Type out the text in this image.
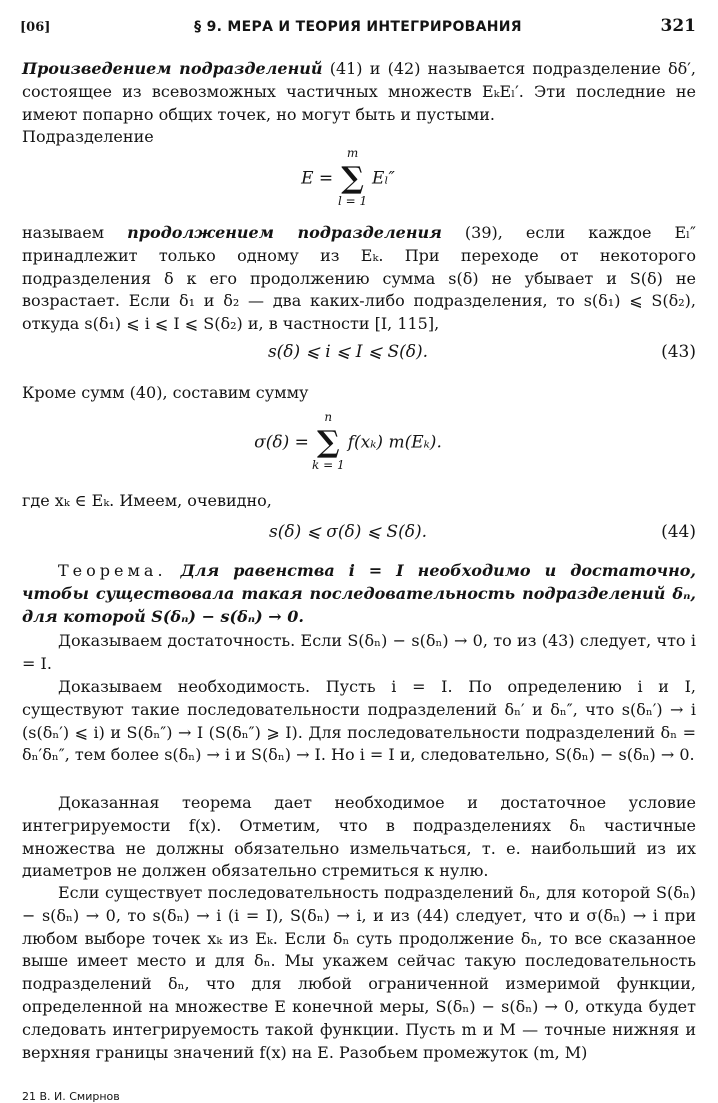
[06]	§ 9. МЕРА И ТЕОРИЯ ИНТЕГРИРОВАНИЯ	321

Произведением подразделений (41) и (42) называется подразделение δδ′, состоящее из всевозможных частичных множеств EₖEₗ′. Эти последние не имеют попарно общих точек, но могут быть и пустыми.

Подразделение

E =
m
∑
l = 1
Eₗ″

называем продолжением подразделения (39), если каждое Eₗ″ принадлежит только одному из Eₖ. При переходе от некоторого подразделения δ к его продолжению сумма s(δ) не убывает и S(δ) не возрастает. Если δ₁ и δ₂ — два каких-либо подразделения, то s(δ₁) ⩽ S(δ₂), откуда s(δ₁) ⩽ i ⩽ I ⩽ S(δ₂) и, в частности [I, 115],

s(δ) ⩽ i ⩽ I ⩽ S(δ).	(43)

Кроме сумм (40), составим сумму

σ(δ) =
n
∑
k = 1
f(xₖ) m(Eₖ).

где xₖ ∈ Eₖ. Имеем, очевидно,

s(δ) ⩽ σ(δ) ⩽ S(δ).	(44)

Теорема. Для равенства i = I необходимо и достаточно, чтобы существовала такая последовательность подразделений δₙ, для которой S(δₙ) − s(δₙ) → 0.

Доказываем достаточность. Если S(δₙ) − s(δₙ) → 0, то из (43) следует, что i = I.

Доказываем необходимость. Пусть i = I. По определению i и I, существуют такие последовательности подразделений δₙ′ и δₙ″, что s(δₙ′) → i (s(δₙ′) ⩽ i) и S(δₙ″) → I (S(δₙ″) ⩾ I). Для последовательности подразделений δₙ = δₙ′δₙ″, тем более s(δₙ) → i и S(δₙ) → I. Но i = I и, следовательно, S(δₙ) − s(δₙ) → 0.

Доказанная теорема дает необходимое и достаточное условие интегрируемости f(x). Отметим, что в подразделениях δₙ частичные множества не должны обязательно измельчаться, т. е. наибольший из их диаметров не должен обязательно стремиться к нулю.

Если существует последовательность подразделений δₙ, для которой S(δₙ) − s(δₙ) → 0, то s(δₙ) → i (i = I), S(δₙ) → i, и из (44) следует, что и σ(δₙ) → i при любом выборе точек xₖ из Eₖ. Если δₙ суть продолжение δₙ, то все сказанное выше имеет место и для δₙ. Мы укажем сейчас такую последовательность подразделений δₙ, что для любой ограниченной измеримой функции, определенной на множестве E конечной меры, S(δₙ) − s(δₙ) → 0, откуда будет следовать интегрируемость такой функции. Пусть m и M — точные нижняя и верхняя границы значений f(x) на E. Разобьем промежуток (m, M)

21 В. И. Смирнов
